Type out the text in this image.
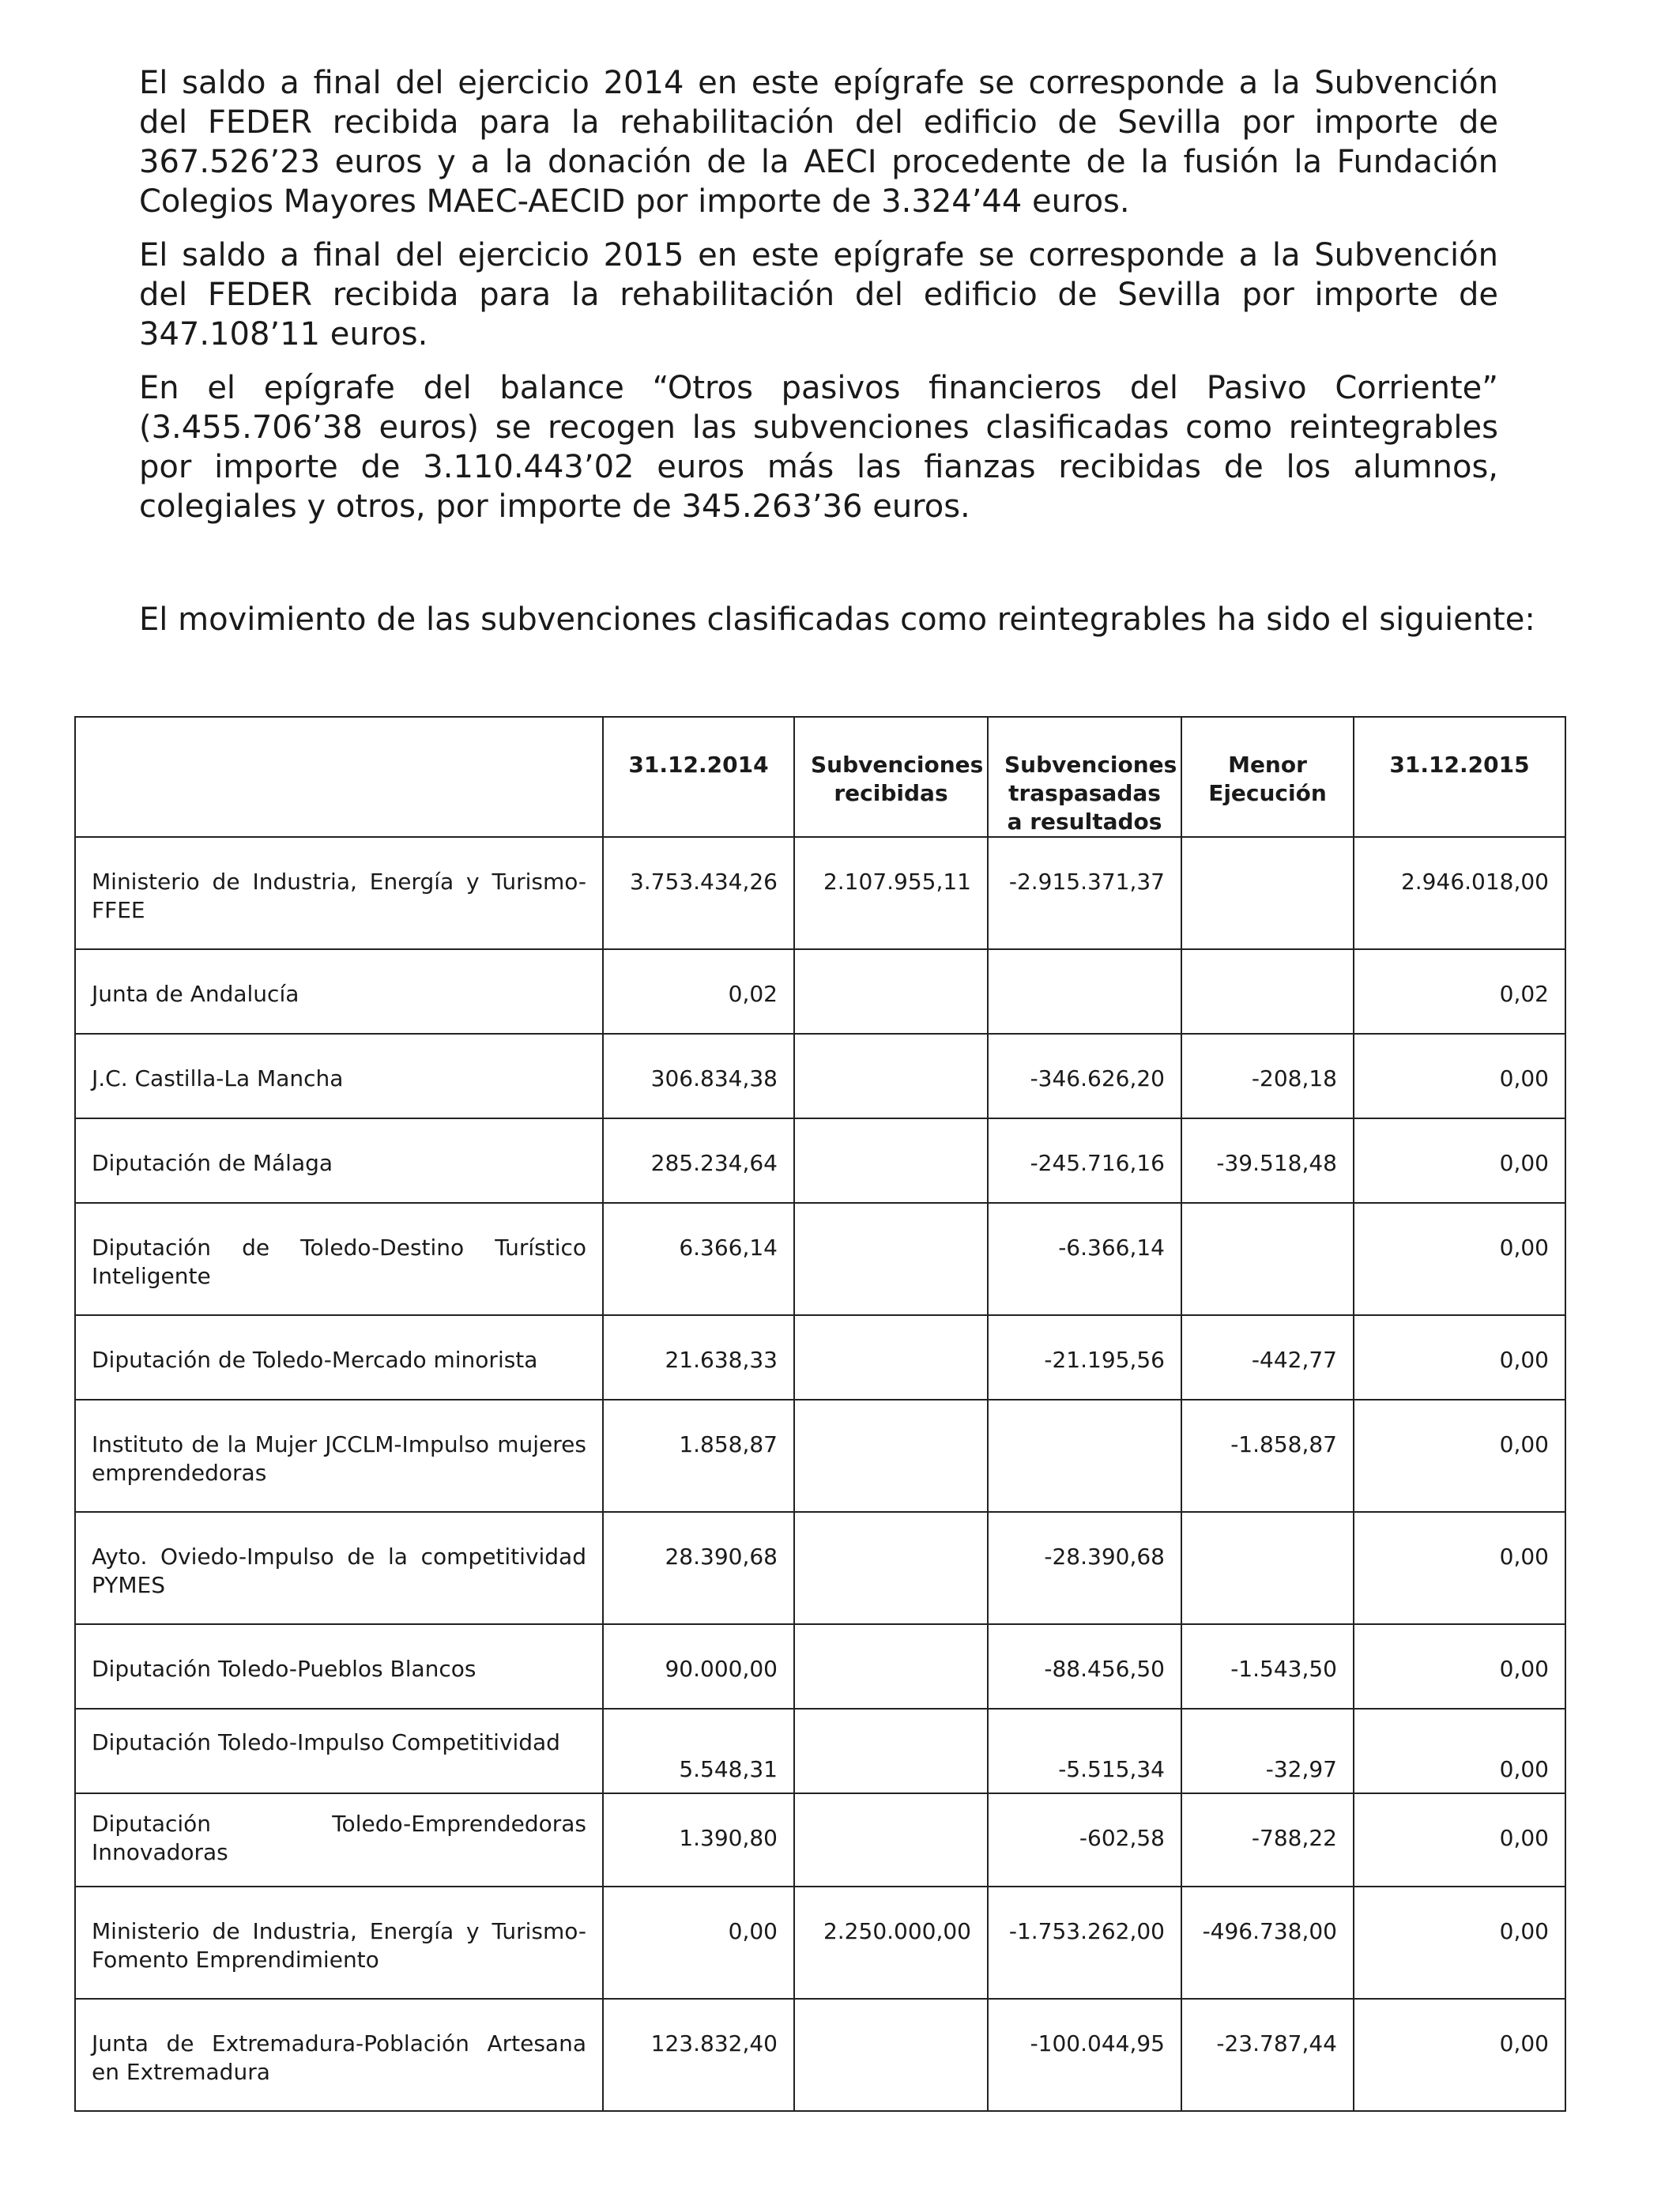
El saldo a final del ejercicio 2014 en este epígrafe se corresponde a la Subvención del FEDER recibida para la rehabilitación del edificio de Sevilla por importe de 367.526’23 euros y a la donación de la AECI procedente de la fusión la Fundación Colegios Mayores MAEC-AECID por importe de 3.324’44 euros.

El saldo a final del ejercicio 2015 en este epígrafe se corresponde a la Subvención del FEDER recibida para la rehabilitación del edificio de Sevilla por importe de 347.108’11 euros.

En el epígrafe del balance “Otros pasivos financieros del Pasivo Corriente” (3.455.706’38 euros) se recogen las subvenciones clasificadas como reintegrables por importe de 3.110.443’02 euros más las fianzas recibidas de los alumnos, colegiales y otros, por importe de 345.263’36 euros.

El movimiento de las subvenciones clasificadas como reintegrables ha sido el siguiente:

	31.12.2014	Subvenciones recibidas	Subvenciones traspasadas a resultados	Menor Ejecución	31.12.2015
Ministerio de Industria, Energía y Turismo-FFEE	3.753.434,26	2.107.955,11	-2.915.371,37		2.946.018,00
Junta de Andalucía	0,02				0,02
J.C. Castilla-La Mancha	306.834,38		-346.626,20	-208,18	0,00
Diputación de Málaga	285.234,64		-245.716,16	-39.518,48	0,00
Diputación de Toledo-Destino Turístico Inteligente	6.366,14		-6.366,14		0,00
Diputación de Toledo-Mercado minorista	21.638,33		-21.195,56	-442,77	0,00
Instituto de la Mujer JCCLM-Impulso mujeres emprendedoras	1.858,87			-1.858,87	0,00
Ayto. Oviedo-Impulso de la competitividad PYMES	28.390,68		-28.390,68		0,00
Diputación Toledo-Pueblos Blancos	90.000,00		-88.456,50	-1.543,50	0,00
Diputación Toledo-Impulso Competitividad	5.548,31		-5.515,34	-32,97	0,00
Diputación Toledo-Emprendedoras Innovadoras	1.390,80		-602,58	-788,22	0,00
Ministerio de Industria, Energía y Turismo-Fomento Emprendimiento	0,00	2.250.000,00	-1.753.262,00	-496.738,00	0,00
Junta de Extremadura-Población Artesana en Extremadura	123.832,40		-100.044,95	-23.787,44	0,00
